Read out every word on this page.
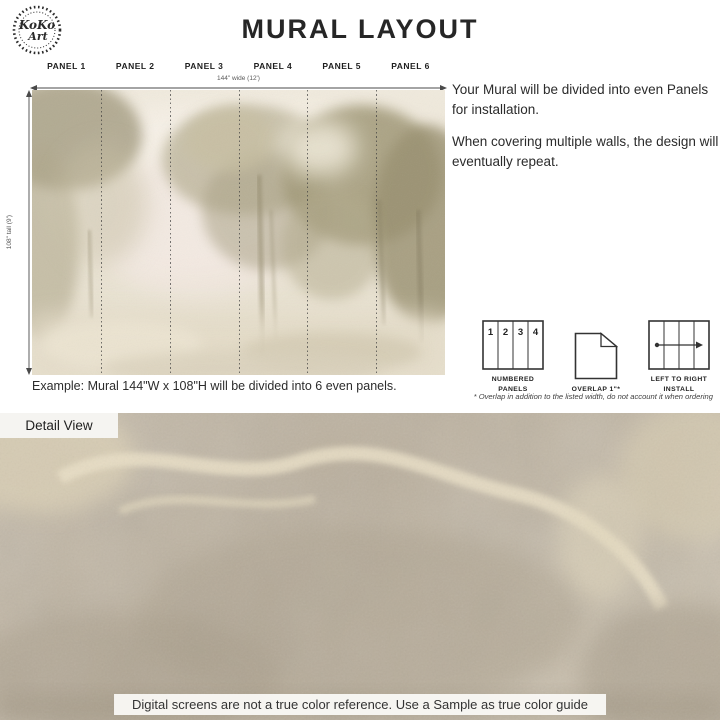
KoKo
Art	MURAL LAYOUT
PANEL 1	PANEL 2	PANEL 3	PANEL 4	PANEL 5	PANEL 6
144" wide (12')
108" tall (9')
Example: Mural 144"W x 108"H will be divided into 6 even panels.

Your Mural will be divided into even Panels for installation.

When covering multiple walls, the design will eventually repeat.

1 2 3 4
NUMBERED PANELS	OVERLAP 1"*
LEFT TO RIGHT INSTALL
* Overlap in addition to the listed width, do not account it when ordering
Detail View
Digital screens are not a true color reference. Use a Sample as true color guide
